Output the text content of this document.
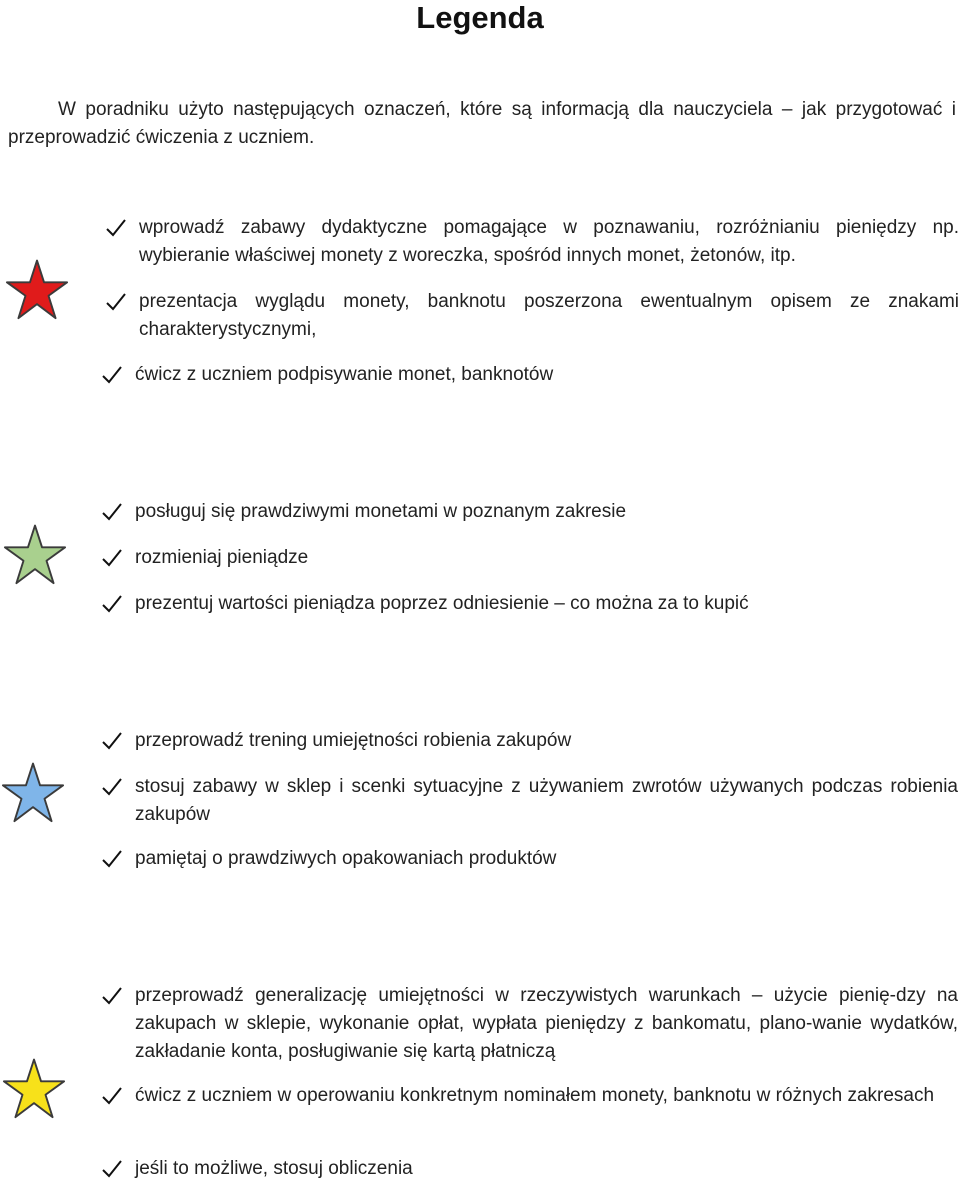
Legenda
W poradniku użyto następujących oznaczeń, które są informacją dla nauczyciela – jak przygotować i przeprowadzić ćwiczenia z uczniem.
wprowadź zabawy dydaktyczne pomagające w poznawaniu, rozróżnianiu pieniędzy np. wybieranie właściwej monety z woreczka, spośród innych monet, żetonów, itp.
prezentacja wyglądu monety, banknotu poszerzona ewentualnym opisem ze znakami charakterystycznymi,
ćwicz z uczniem podpisywanie monet, banknotów
posługuj się prawdziwymi monetami w poznanym zakresie
rozmieniaj pieniądze
prezentuj wartości pieniądza poprzez odniesienie – co można za to kupić
przeprowadź trening umiejętności robienia zakupów
stosuj zabawy w sklep i scenki sytuacyjne z używaniem zwrotów używanych podczas robienia zakupów
pamiętaj o prawdziwych opakowaniach produktów
przeprowadź generalizację umiejętności w rzeczywistych warunkach – użycie pienię-dzy na zakupach w sklepie, wykonanie opłat, wypłata pieniędzy z bankomatu, plano-wanie wydatków, zakładanie konta, posługiwanie się kartą płatniczą
ćwicz z uczniem w operowaniu konkretnym nominałem monety, banknotu w różnych zakresach
jeśli to możliwe, stosuj obliczenia
